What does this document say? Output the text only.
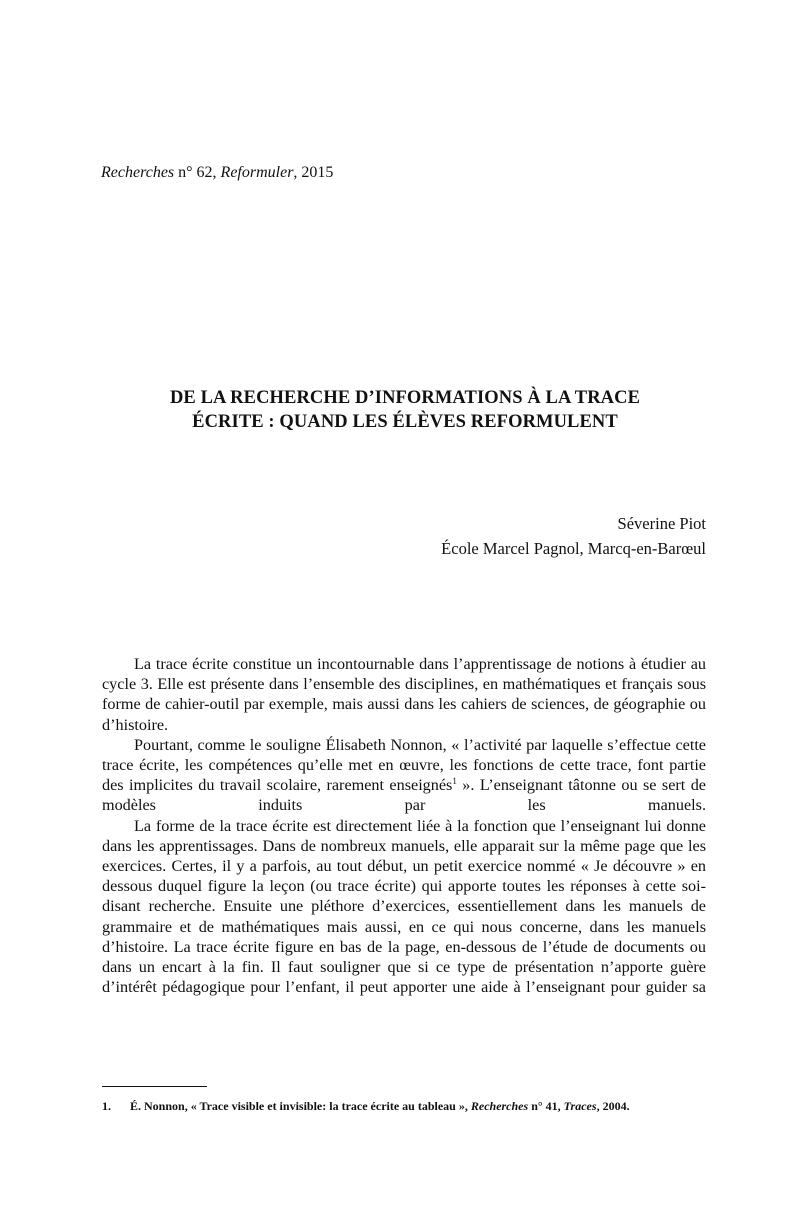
Recherches n° 62, Reformuler, 2015
DE LA RECHERCHE D’INFORMATIONS À LA TRACE
ÉCRITE : QUAND LES ÉLÈVES REFORMULENT
Séverine Piot
École Marcel Pagnol, Marcq-en-Barœul

La trace écrite constitue un incontournable dans l’apprentissage de notions à étudier au cycle 3. Elle est présente dans l’ensemble des disciplines, en mathématiques et français sous forme de cahier-outil par exemple, mais aussi dans les cahiers de sciences, de géographie ou d’histoire.

Pourtant, comme le souligne Élisabeth Nonnon, « l’activité par laquelle s’effectue cette trace écrite, les compétences qu’elle met en œuvre, les fonctions de cette trace, font partie des implicites du travail scolaire, rarement enseignés$^1$ ». L’enseignant tâtonne ou se sert de modèles induits par les manuels.

La forme de la trace écrite est directement liée à la fonction que l’enseignant lui donne dans les apprentissages. Dans de nombreux manuels, elle apparait sur la même page que les exercices. Certes, il y a parfois, au tout début, un petit exercice nommé « Je découvre » en dessous duquel figure la leçon (ou trace écrite) qui apporte toutes les réponses à cette soi-disant recherche. Ensuite une pléthore d’exercices, essentiellement dans les manuels de grammaire et de mathématiques mais aussi, en ce qui nous concerne, dans les manuels d’histoire. La trace écrite figure en bas de la page, en-dessous de l’étude de documents ou dans un encart à la fin. Il faut souligner que si ce type de présentation n’apporte guère d’intérêt pédagogique pour l’enfant, il peut apporter une aide à l’enseignant pour guider sa

1. É. Nonnon, « Trace visible et invisible: la trace écrite au tableau », Recherches n° 41, Traces, 2004.
